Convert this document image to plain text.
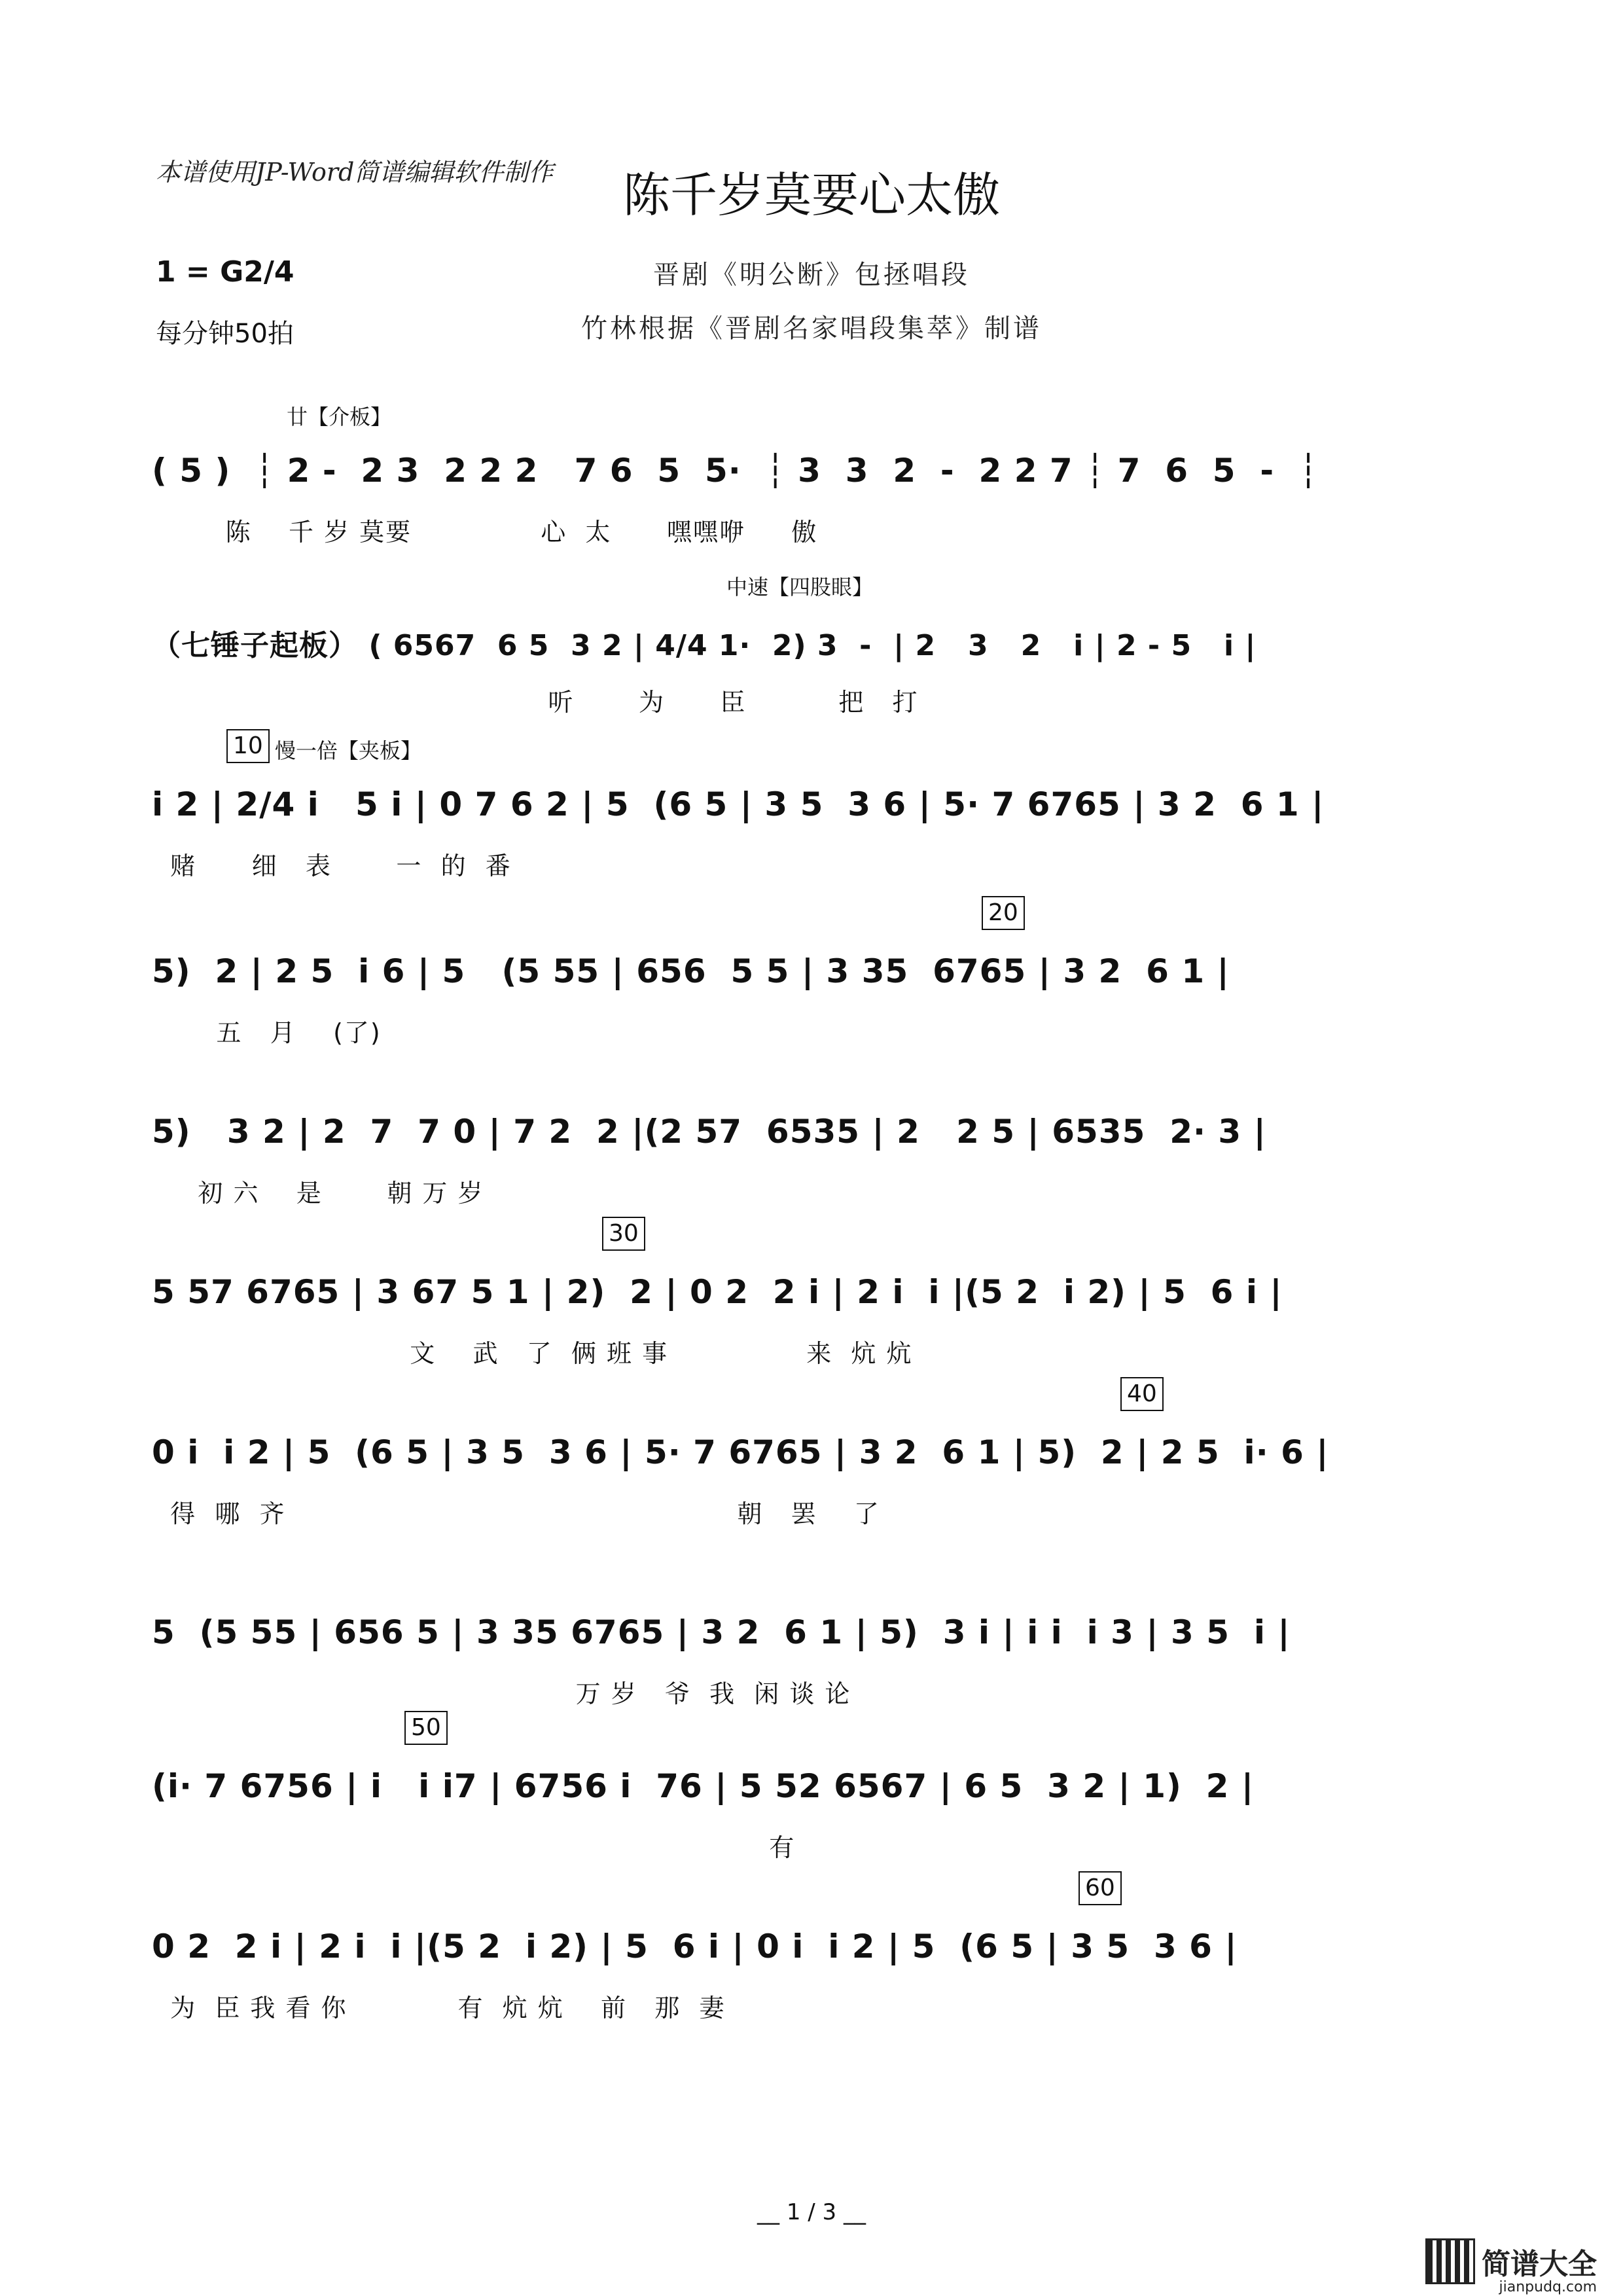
本谱使用JP-Word简谱编辑软件制作	陈千岁莫要心太傲
1 = G2/4	晋剧《明公断》包拯唱段
每分钟50拍	竹林根据《晋剧名家唱段集萃》制谱
廿【介板】
( 5 )  ┆ 2 -  2 3  2 2 2   7 6  5  5·  ┆ 3  3  2  -  2 2 7 ┆ 7  6  5  -  ┆
陈    千 岁 莫要              心  太      嘿嘿咿     傲
中速【四股眼】
（七锤子起板） ( 6567  6 5  3 2 | 4/4 1·  2) 3  -  | 2   3   2   i | 2 - 5   i |
听       为      臣          把   打
10 慢一倍【夹板】
i 2 | 2/4 i   5 i | 0 7 6 2 | 5  (6 5 | 3 5  3 6 | 5· 7 6765 | 3 2  6 1 |
赌      细   表       一  的  番
20
5)  2 | 2 5  i 6 | 5   (5 55 | 656  5 5 | 3 35  6765 | 3 2  6 1 |
五   月    (了)
5)   3 2 | 2  7  7 0 | 7 2  2 |(2 57  6535 | 2   2 5 | 6535  2· 3 |
初 六    是       朝 万 岁
30
5 57 6765 | 3 67 5 1 | 2)  2 | 0 2  2 i | 2 i  i |(5 2  i 2) | 5  6 i |
文    武   了  俩 班 事               来  炕 炕
40
0 i  i 2 | 5  (6 5 | 3 5  3 6 | 5· 7 6765 | 3 2  6 1 | 5)  2 | 2 5  i· 6 |
得  哪  齐                                                 朝   罢    了
5  (5 55 | 656 5 | 3 35 6765 | 3 2  6 1 | 5)  3 i | i i  i 3 | 3 5  i |
万 岁   爷  我  闲 谈 论
50
(i· 7 6756 | i   i i7 | 6756 i  76 | 5 52 6567 | 6 5  3 2 | 1)  2 |
有
60
0 2  2 i | 2 i  i |(5 2  i 2) | 5  6 i | 0 i  i 2 | 5  (6 5 | 3 5  3 6 |
为  臣 我 看 你            有  炕 炕    前   那  妻
__ 1 / 3 __
简谱大全
jianpudq.com
